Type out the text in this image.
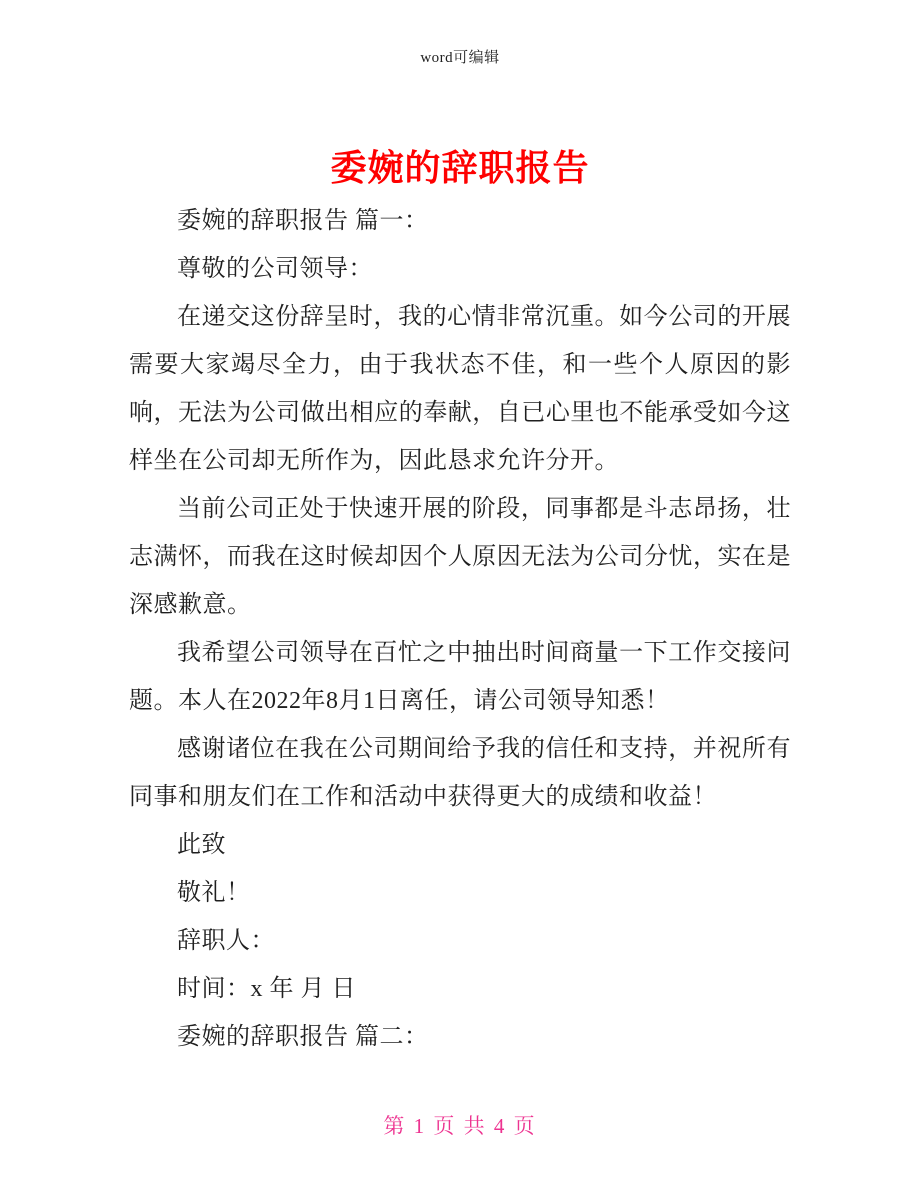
word可编辑
委婉的辞职报告

委婉的辞职报告 篇一：

尊敬的公司领导：

在递交这份辞呈时，我的心情非常沉重。如今公司的开展需要大家竭尽全力，由于我状态不佳，和一些个人原因的影响，无法为公司做出相应的奉献，自已心里也不能承受如今这样坐在公司却无所作为，因此恳求允许分开。

当前公司正处于快速开展的阶段，同事都是斗志昂扬，壮志满怀，而我在这时候却因个人原因无法为公司分忧，实在是深感歉意。

我希望公司领导在百忙之中抽出时间商量一下工作交接问题。本人在2022年8月1日离任，请公司领导知悉！

感谢诸位在我在公司期间给予我的信任和支持，并祝所有同事和朋友们在工作和活动中获得更大的成绩和收益！

此致

敬礼！

辞职人：

时间：x 年 月 日

委婉的辞职报告 篇二：

第 1 页 共 4 页
